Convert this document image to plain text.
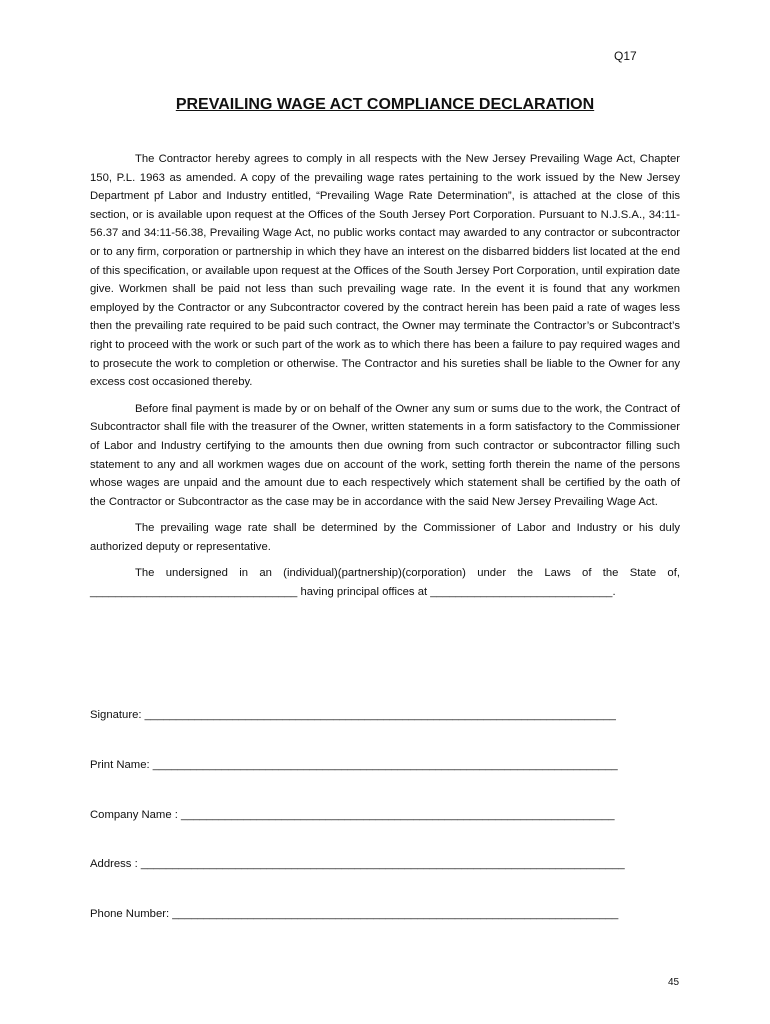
Q17
PREVAILING WAGE ACT COMPLIANCE DECLARATION

The Contractor hereby agrees to comply in all respects with the New Jersey Prevailing Wage Act, Chapter 150, P.L. 1963 as amended. A copy of the prevailing wage rates pertaining to the work issued by the New Jersey Department pf Labor and Industry entitled, “Prevailing Wage Rate Determination”, is attached at the close of this section, or is available upon request at the Offices of the South Jersey Port Corporation. Pursuant to N.J.S.A., 34:11-56.37 and 34:11-56.38, Prevailing Wage Act, no public works contact may awarded to any contractor or subcontractor or to any firm, corporation or partnership in which they have an interest on the disbarred bidders list located at the end of this specification, or available upon request at the Offices of the South Jersey Port Corporation, until expiration date give. Workmen shall be paid not less than such prevailing wage rate. In the event it is found that any workmen employed by the Contractor or any Subcontractor covered by the contract herein has been paid a rate of wages less then the prevailing rate required to be paid such contract, the Owner may terminate the Contractor’s or Subcontract’s right to proceed with the work or such part of the work as to which there has been a failure to pay required wages and to prosecute the work to completion or otherwise. The Contractor and his sureties shall be liable to the Owner for any excess cost occasioned thereby.

Before final payment is made by or on behalf of the Owner any sum or sums due to the work, the Contract of Subcontractor shall file with the treasurer of the Owner, written statements in a form satisfactory to the Commissioner of Labor and Industry certifying to the amounts then due owning from such contractor or subcontractor filling such statement to any and all workmen wages due on account of the work, setting forth therein the name of the persons whose wages are unpaid and the amount due to each respectively which statement shall be certified by the oath of the Contractor or Subcontractor as the case may be in accordance with the said New Jersey Prevailing Wage Act.

The prevailing wage rate shall be determined by the Commissioner of Labor and Industry or his duly authorized deputy or representative.

The undersigned in an (individual)(partnership)(corporation) under the Laws of the State of, _________________________________ having principal offices at _____________________________.

Signature: ___________________________________________________________________________
Print Name: __________________________________________________________________________
Company Name : _____________________________________________________________________
Address : _____________________________________________________________________________
Phone Number: _______________________________________________________________________
45
